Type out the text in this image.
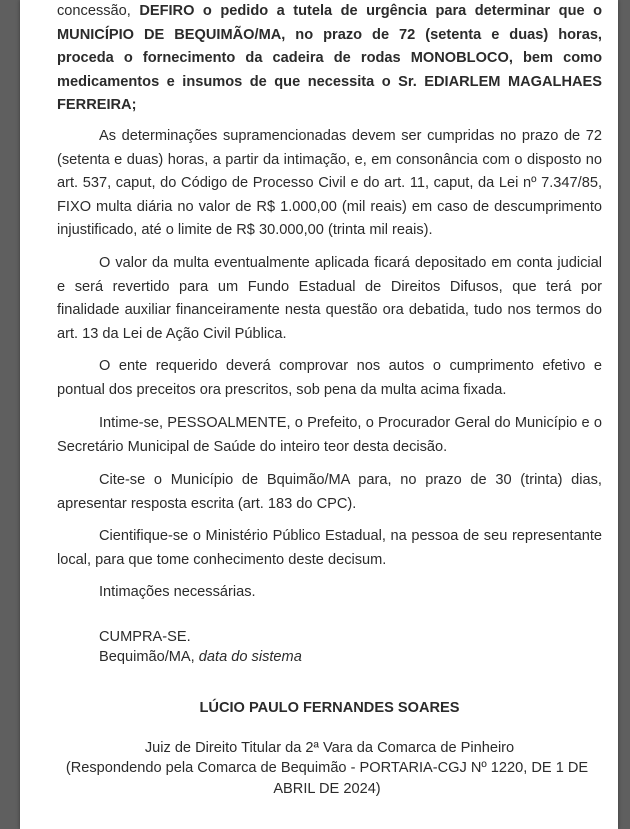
concessão, DEFIRO o pedido a tutela de urgência para determinar que o MUNICÍPIO DE BEQUIMÃO/MA, no prazo de 72 (setenta e duas) horas, proceda o fornecimento da cadeira de rodas MONOBLOCO, bem como medicamentos e insumos de que necessita o Sr. EDIARLEM MAGALHAES FERREIRA;

As determinações supramencionadas devem ser cumpridas no prazo de 72 (setenta e duas) horas, a partir da intimação, e, em consonância com o disposto no art. 537, caput, do Código de Processo Civil e do art. 11, caput, da Lei nº 7.347/85, FIXO multa diária no valor de R$ 1.000,00 (mil reais) em caso de descumprimento injustificado, até o limite de R$ 30.000,00 (trinta mil reais).

O valor da multa eventualmente aplicada ficará depositado em conta judicial e será revertido para um Fundo Estadual de Direitos Difusos, que terá por finalidade auxiliar financeiramente nesta questão ora debatida, tudo nos termos do art. 13 da Lei de Ação Civil Pública.

O ente requerido deverá comprovar nos autos o cumprimento efetivo e pontual dos preceitos ora prescritos, sob pena da multa acima fixada.

Intime-se, PESSOALMENTE, o Prefeito, o Procurador Geral do Município e o Secretário Municipal de Saúde do inteiro teor desta decisão.

Cite-se o Município de Bquimão/MA para, no prazo de 30 (trinta) dias, apresentar resposta escrita (art. 183 do CPC).

Cientifique-se o Ministério Público Estadual, na pessoa de seu representante local, para que tome conhecimento deste decisum.

Intimações necessárias.
CUMPRA-SE.
Bequimão/MA, data do sistema
LÚCIO PAULO FERNANDES SOARES
Juiz de Direito Titular da 2ª Vara da Comarca de Pinheiro
(Respondendo pela Comarca de Bequimão - PORTARIA-CGJ Nº 1220, DE 1 DE ABRIL DE 2024)
